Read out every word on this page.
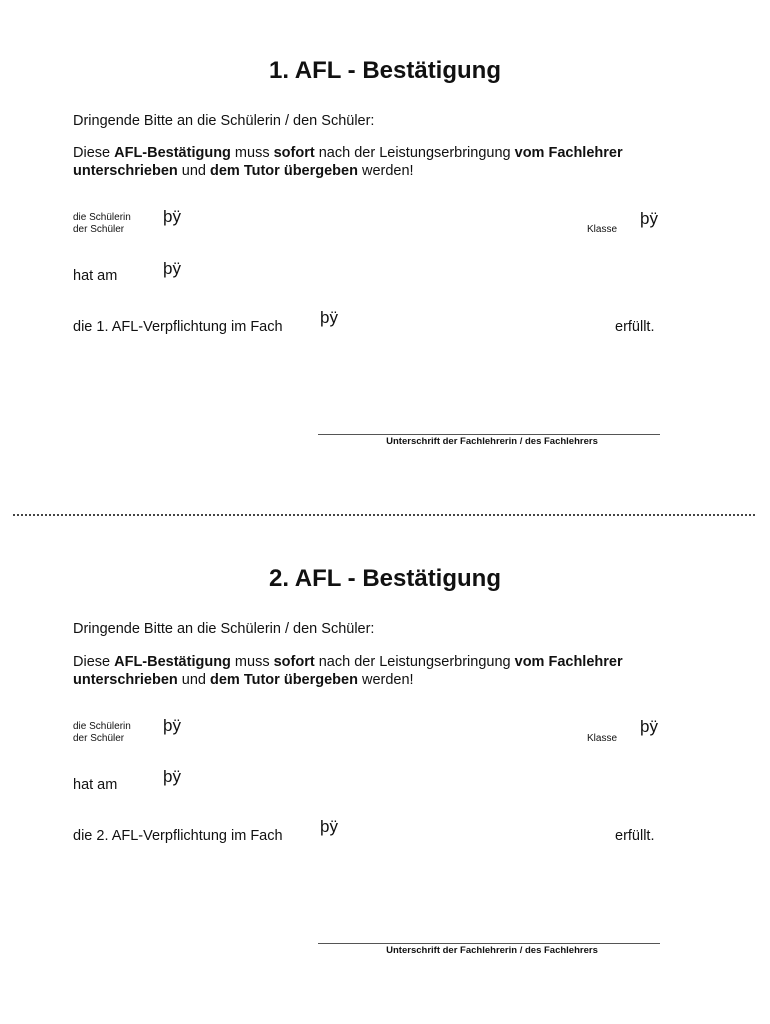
1. AFL - Bestätigung
Dringende Bitte an die Schülerin / den Schüler:
Diese AFL-Bestätigung muss sofort nach der Leistungserbringung vom Fachlehrer
unterschrieben und dem Tutor übergeben werden!
die Schülerin
der Schüler
þÿ
Klasse
þÿ
hat am	þÿ
die 1. AFL-Verpflichtung im Fach þÿ	erfüllt.
Unterschrift der Fachlehrerin / des Fachlehrers
2. AFL - Bestätigung
Dringende Bitte an die Schülerin / den Schüler:
Diese AFL-Bestätigung muss sofort nach der Leistungserbringung vom Fachlehrer
unterschrieben und dem Tutor übergeben werden!
die Schülerin
der Schüler
þÿ
Klasse
þÿ
hat am	þÿ
die 2. AFL-Verpflichtung im Fach þÿ	erfüllt.
Unterschrift der Fachlehrerin / des Fachlehrers
